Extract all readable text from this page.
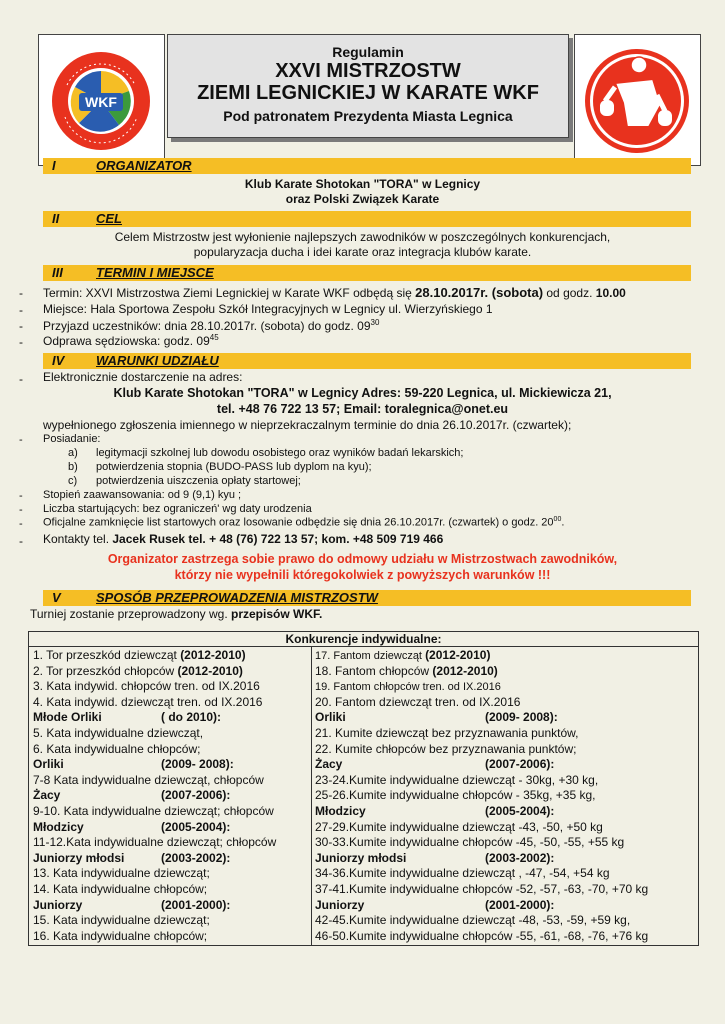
WKF
Regulamin
XXVI MISTRZOSTW
ZIEMI LEGNICKIEJ W KARATE WKF
Pod patronatem Prezydenta Miasta Legnica
I	ORGANIZATOR
Klub Karate Shotokan "TORA" w Legnicy
oraz Polski Związek Karate
II	CEL
Celem Mistrzostw jest wyłonienie najlepszych zawodników w poszczególnych konkurencjach,
popularyzacja ducha i idei karate oraz integracja klubów karate.
III	TERMIN I MIEJSCE
- Termin: XXVI Mistrzostwa Ziemi Legnickiej w Karate WKF odbędą się 28.10.2017r. (sobota) od godz. 10.00
- Miejsce: Hala Sportowa Zespołu Szkół Integracyjnych w Legnicy ul. Wierzyńskiego 1
- Przyjazd uczestników: dnia 28.10.2017r. (sobota) do godz. $09^{30}$
- Odprawa sędziowska: godz. $09^{45}$
IV WARUNKI UDZIAŁU
- Elektronicznie dostarczenie na adres:
Klub Karate Shotokan "TORA" w Legnicy Adres: 59-220 Legnica, ul. Mickiewicza 21,
tel. +48 76 722 13 57; Email: toralegnica@onet.eu
wypełnionego zgłoszenia imiennego w nieprzekraczalnym terminie do dnia 26.10.2017r. (czwartek);
- Posiadanie:
a) legitymacji szkolnej lub dowodu osobistego oraz wyników badań lekarskich;
b) potwierdzenia stopnia (BUDO-PASS lub dyplom na kyu);
c) potwierdzenia uiszczenia opłaty startowej;
- Stopień zaawansowania: od 9 (9,1) kyu ;
- Liczba startujących: bez ograniczeń' wg daty urodzenia
- Oficjalne zamknięcie list startowych oraz losowanie odbędzie się dnia 26.10.2017r. (czwartek) o godz. $20^{00}$.
- Kontakty tel. Jacek Rusek tel. + 48 (76) 722 13 57; kom. +48 509 719 466
Organizator zastrzega sobie prawo do odmowy udziału w Mistrzostwach zawodników,
którzy nie wypełnili któregokolwiek z powyższych warunków !!!
V	SPOSÓB PRZEPROWADZENIA MISTRZOSTW
Turniej zostanie przeprowadzony wg. przepisów WKF.
Konkurencje indywidualne:
1. Tor przeszkód dziewcząt (2012-2010)
2. Tor przeszkód chłopców (2012-2010)
3. Kata indywid. chłopców tren. od IX.2016
4. Kata indywid. dziewcząt tren. od IX.2016
Młode Orliki	( do 2010):
5. Kata indywidualne dziewcząt,
6. Kata indywidualne chłopców;
Orliki	(2009- 2008):
7-8 Kata indywidualne dziewcząt, chłopców
Żacy	(2007-2006):
9-10. Kata indywidualne dziewcząt; chłopców
Młodzicy	(2005-2004):
11-12.Kata indywidualne dziewcząt; chłopców
Juniorzy młodsi	(2003-2002):
13. Kata indywidualne dziewcząt;
14. Kata indywidualne chłopców;
Juniorzy	(2001-2000):
15. Kata indywidualne dziewcząt;
16. Kata indywidualne chłopców;
17. Fantom dziewcząt (2012-2010)
18. Fantom chłopców (2012-2010)
19. Fantom chłopców tren. od IX.2016
20. Fantom dziewcząt tren. od IX.2016
Orliki	(2009- 2008):
21. Kumite dziewcząt bez przyznawania punktów,
22. Kumite chłopców bez przyznawania punktów;
Żacy	(2007-2006):
23-24.Kumite indywidualne dziewcząt - 30kg, +30 kg,
25-26.Kumite indywidualne chłopców - 35kg, +35 kg,
Młodzicy	(2005-2004):
27-29.Kumite indywidualne dziewcząt -43, -50, +50 kg
30-33.Kumite indywidualne chłopców -45, -50, -55, +55 kg
Juniorzy młodsi	(2003-2002):
34-36.Kumite indywidualne dziewcząt , -47, -54, +54 kg
37-41.Kumite indywidualne chłopców -52, -57, -63, -70, +70 kg
Juniorzy	(2001-2000):
42-45.Kumite indywidualne dziewcząt -48, -53, -59, +59 kg,
46-50.Kumite indywidualne chłopców -55, -61, -68, -76, +76 kg
